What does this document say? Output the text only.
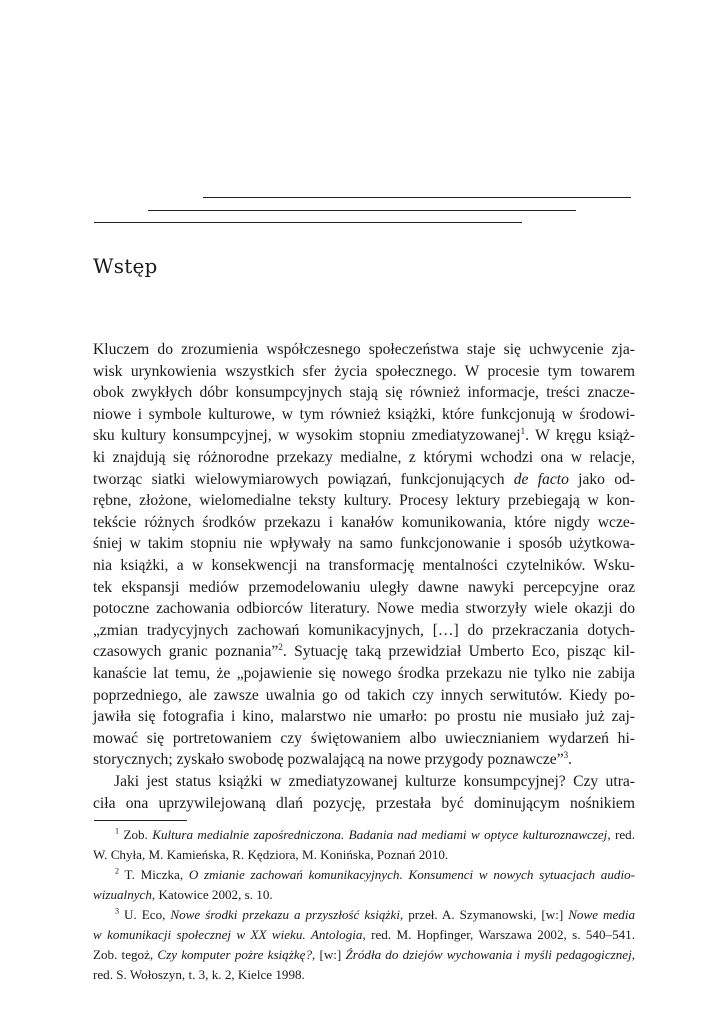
Wstęp
Kluczem do zrozumienia współczesnego społeczeństwa staje się uchwycenie zja-
wisk urynkowienia wszystkich sfer życia społecznego. W procesie tym towarem
obok zwykłych dóbr konsumpcyjnych stają się również informacje, treści znacze-
niowe i symbole kulturowe, w tym również książki, które funkcjonują w środowi-
sku kultury konsumpcyjnej, w wysokim stopniu zmediatyzowanej$^1$. W kręgu książ-
ki znajdują się różnorodne przekazy medialne, z którymi wchodzi ona w relacje,
tworząc siatki wielowymiarowych powiązań, funkcjonujących de facto jako od-
rębne, złożone, wielomedialne teksty kultury. Procesy lektury przebiegają w kon-
tekście różnych środków przekazu i kanałów komunikowania, które nigdy wcze-
śniej w takim stopniu nie wpływały na samo funkcjonowanie i sposób użytkowa-
nia książki, a w konsekwencji na transformację mentalności czytelników. Wsku-
tek ekspansji mediów przemodelowaniu uległy dawne nawyki percepcyjne oraz
potoczne zachowania odbiorców literatury. Nowe media stworzyły wiele okazji do
„zmian tradycyjnych zachowań komunikacyjnych, […] do przekraczania dotych-
czasowych granic poznania”$^2$. Sytuację taką przewidział Umberto Eco, pisząc kil-
kanaście lat temu, że „pojawienie się nowego środka przekazu nie tylko nie zabija
poprzedniego, ale zawsze uwalnia go od takich czy innych serwitutów. Kiedy po-
jawiła się fotografia i kino, malarstwo nie umarło: po prostu nie musiało już zaj-
mować się portretowaniem czy świętowaniem albo uwiecznianiem wydarzeń hi-
storycznych; zyskało swobodę pozwalającą na nowe przygody poznawcze”$^3$.
Jaki jest status książki w zmediatyzowanej kulturze konsumpcyjnej? Czy utra-
ciła ona uprzywilejowaną dlań pozycję, przestała być dominującym nośnikiem
$^1$ Zob. Kultura medialnie zapośredniczona. Badania nad mediami w optyce kulturoznawczej, red.
W. Chyła, M. Kamieńska, R. Kędziora, M. Konińska, Poznań 2010.
$^2$ T. Miczka, O zmianie zachowań komunikacyjnych. Konsumenci w nowych sytuacjach audio-
wizualnych, Katowice 2002, s. 10.
$^3$ U. Eco, Nowe środki przekazu a przyszłość książki, przeł. A. Szymanowski, [w:] Nowe media
w komunikacji społecznej w XX wieku. Antologia, red. M. Hopfinger, Warszawa 2002, s. 540–541.
Zob. tegoż, Czy komputer pożre książkę?, [w:] Źródła do dziejów wychowania i myśli pedagogicznej,
red. S. Wołoszyn, t. 3, k. 2, Kielce 1998.
